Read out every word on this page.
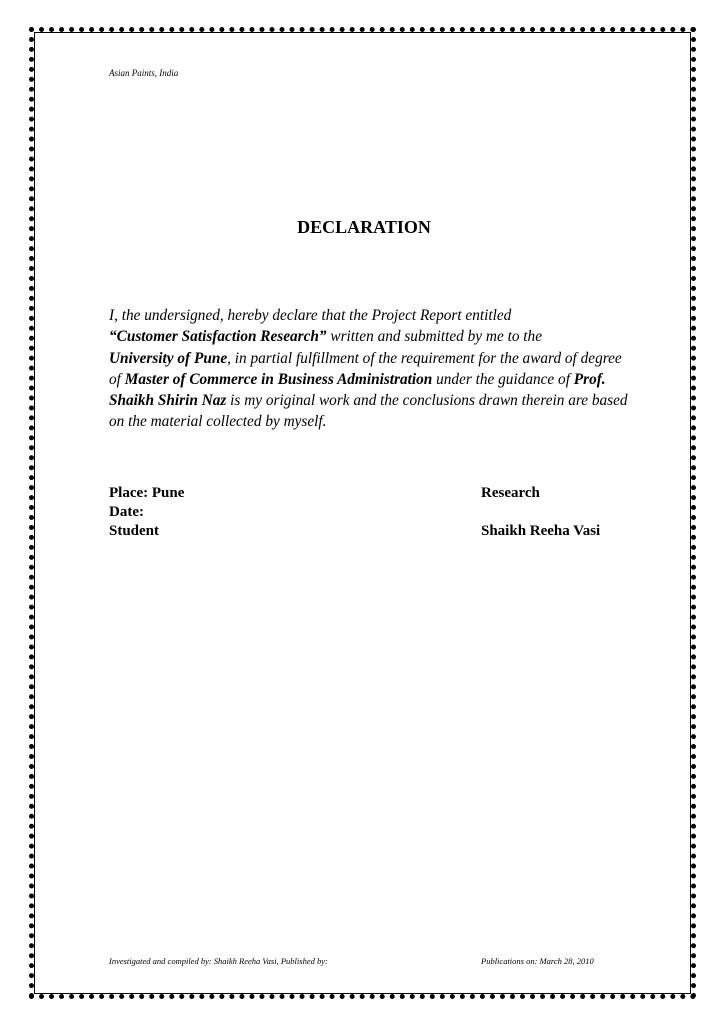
Asian Paints, India
DECLARATION
I, the undersigned, hereby declare that the Project Report entitled
“Customer Satisfaction Research” written and submitted by me to the
University of Pune, in partial fulfillment of the requirement for the award of degree of Master of Commerce in Business Administration under the guidance of Prof. Shaikh Shirin Naz is my original work and the conclusions drawn therein are based on the material collected by myself.
Place: Pune
Date:
Student
Research
Shaikh Reeha Vasi
Investigated and compiled by: Shaikh Reeha Vasi, Published by:	Publications on: March 28, 2010
